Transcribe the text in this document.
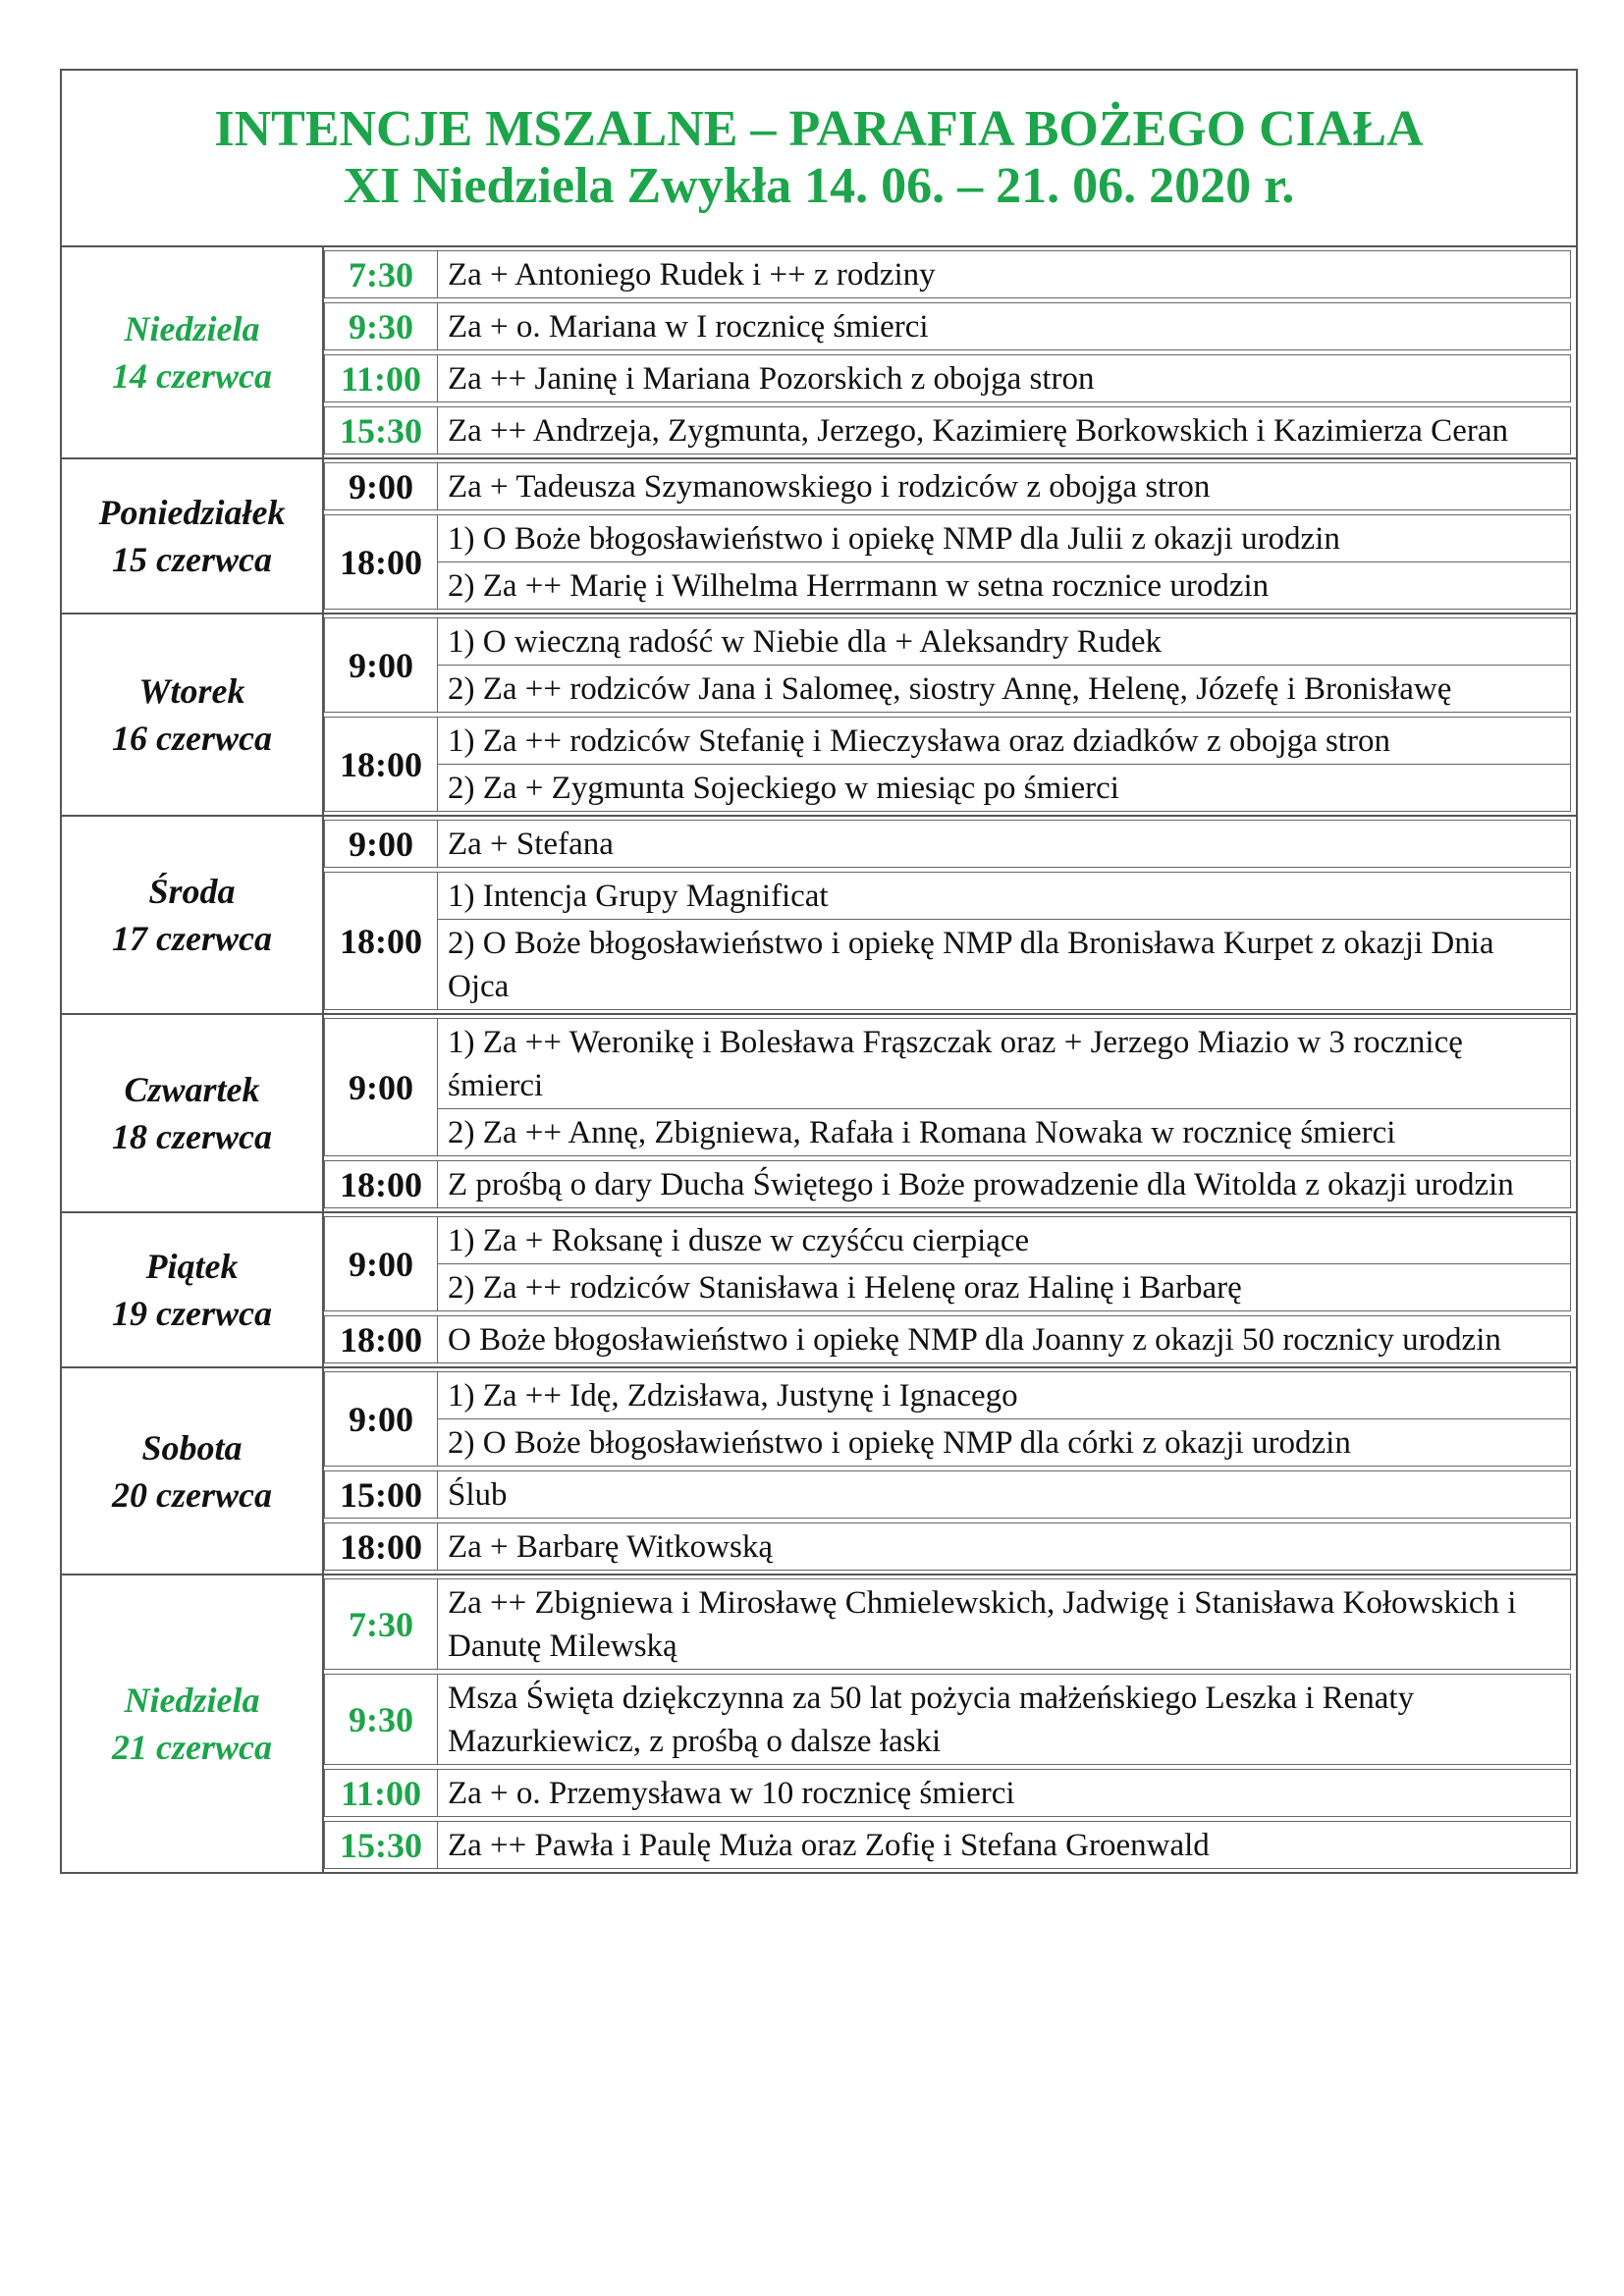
INTENCJE MSZALNE – PARAFIA BOŻEGO CIAŁA
XI Niedziela Zwykła 14. 06. – 21. 06. 2020 r.

Niedziela
14 czerwca

7:30	Za + Antoniego Rudek i ++ z rodziny

9:30	Za + o. Mariana w I rocznicę śmierci

11:00	Za ++ Janinę i Mariana Pozorskich z obojga stron

15:30	Za ++ Andrzeja, Zygmunta, Jerzego, Kazimierę Borkowskich i Kazimierza Ceran

Poniedziałek
15 czerwca

9:00	Za + Tadeusza Szymanowskiego i rodziców z obojga stron

18:00	1) O Boże błogosławieństwo i opiekę NMP dla Julii z okazji urodzin
2) Za ++ Marię i Wilhelma Herrmann w setna rocznice urodzin

Wtorek
16 czerwca

9:00	1) O wieczną radość w Niebie dla + Aleksandry Rudek
2) Za ++ rodziców Jana i Salomeę, siostry Annę, Helenę, Józefę i Bronisławę

18:00	1) Za ++ rodziców Stefanię i Mieczysława oraz dziadków z obojga stron
2) Za + Zygmunta Sojeckiego w miesiąc po śmierci

Środa
17 czerwca

9:00	Za + Stefana

18:00	1) Intencja Grupy Magnificat
2) O Boże błogosławieństwo i opiekę NMP dla Bronisława Kurpet z okazji Dnia Ojca

Czwartek
18 czerwca

9:00	1) Za ++ Weronikę i Bolesława Frąszczak oraz + Jerzego Miazio w 3 rocznicę śmierci
2) Za ++ Annę, Zbigniewa, Rafała i Romana Nowaka w rocznicę śmierci

18:00	Z prośbą o dary Ducha Świętego i Boże prowadzenie dla Witolda z okazji urodzin

Piątek
19 czerwca

9:00	1) Za + Roksanę i dusze w czyśćcu cierpiące
2) Za ++ rodziców Stanisława i Helenę oraz Halinę i Barbarę

18:00	O Boże błogosławieństwo i opiekę NMP dla Joanny z okazji 50 rocznicy urodzin

Sobota
20 czerwca

9:00	1) Za ++ Idę, Zdzisława, Justynę i Ignacego
2) O Boże błogosławieństwo i opiekę NMP dla córki z okazji urodzin

15:00	Ślub

18:00	Za + Barbarę Witkowską

Niedziela
21 czerwca

7:30	Za ++ Zbigniewa i Mirosławę Chmielewskich, Jadwigę i Stanisława Kołowskich i Danutę Milewską

9:30	Msza Święta dziękczynna za 50 lat pożycia małżeńskiego Leszka i Renaty Mazurkiewicz, z prośbą o dalsze łaski

11:00	Za + o. Przemysława w 10 rocznicę śmierci

15:30	Za ++ Pawła i Paulę Muża oraz Zofię i Stefana Groenwald
